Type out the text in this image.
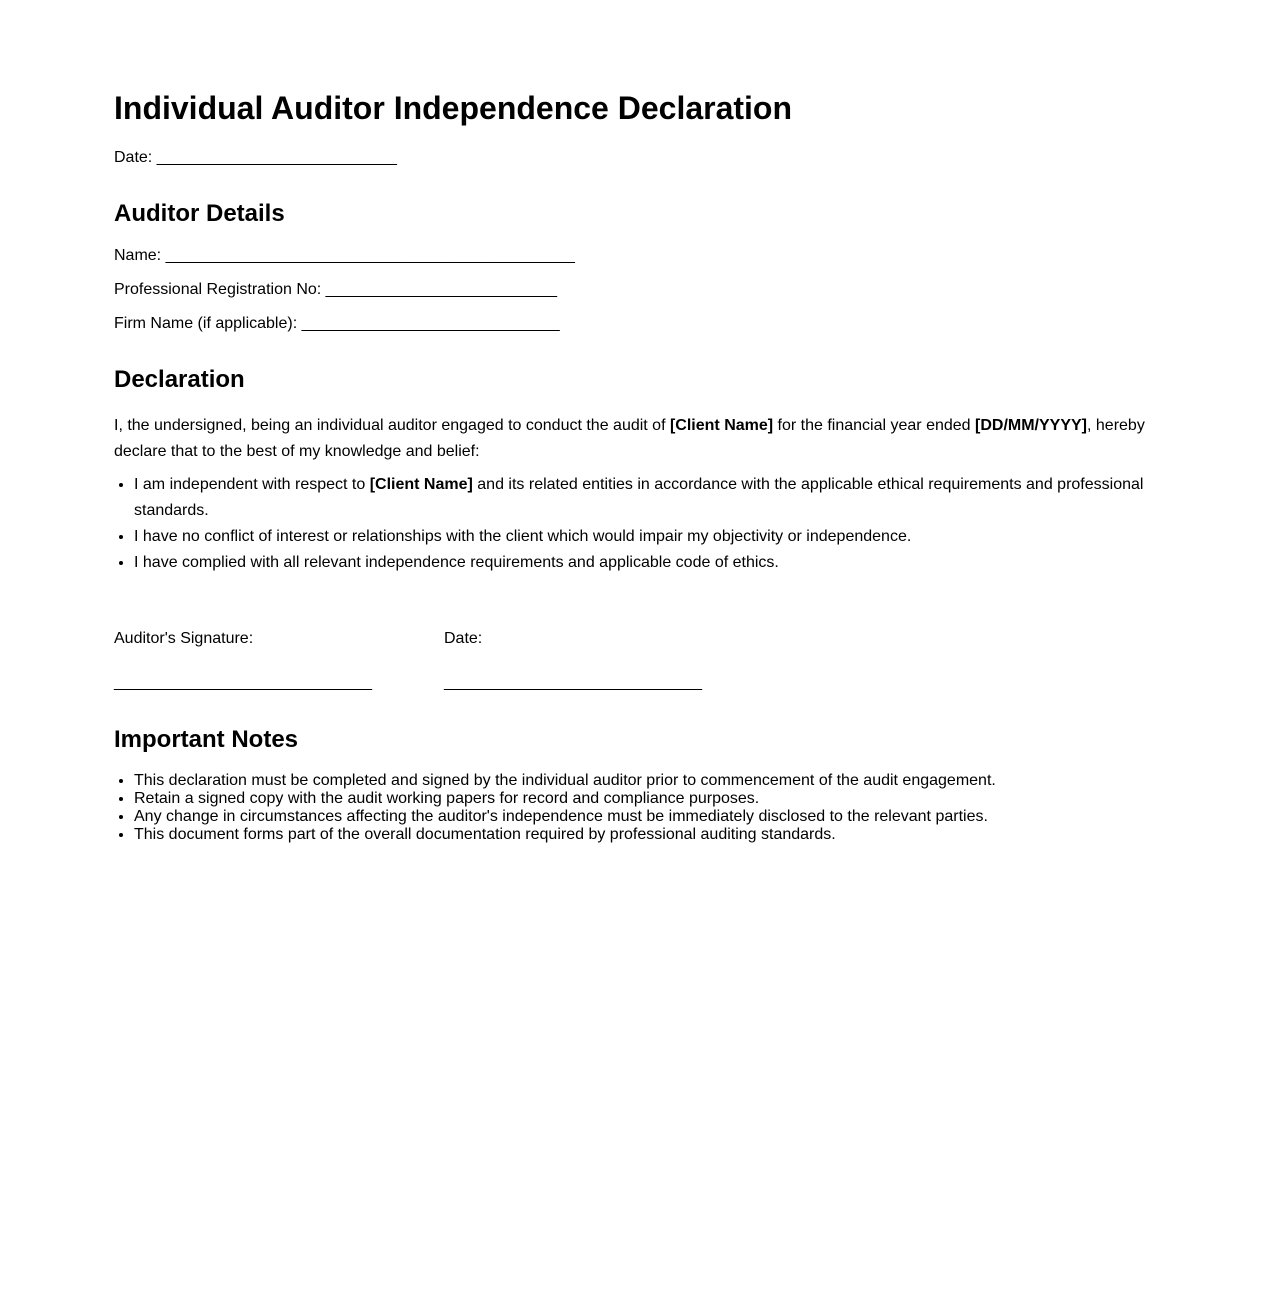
Individual Auditor Independence Declaration
Date: ___________________________
Auditor Details
Name: ______________________________________________
Professional Registration No: __________________________
Firm Name (if applicable): _____________________________
Declaration

I, the undersigned, being an individual auditor engaged to conduct the audit of [Client Name] for the financial year ended [DD/MM/YYYY], hereby declare that to the best of my knowledge and belief:

• I am independent with respect to [Client Name] and its related entities in accordance with the applicable ethical requirements and professional standards.
• I have no conflict of interest or relationships with the client which would impair my objectivity or independence.
• I have complied with all relevant independence requirements and applicable code of ethics.
Auditor's Signature:	Date:
_____________________________	_____________________________
Important Notes
• This declaration must be completed and signed by the individual auditor prior to commencement of the audit engagement.
• Retain a signed copy with the audit working papers for record and compliance purposes.
• Any change in circumstances affecting the auditor's independence must be immediately disclosed to the relevant parties.
• This document forms part of the overall documentation required by professional auditing standards.
